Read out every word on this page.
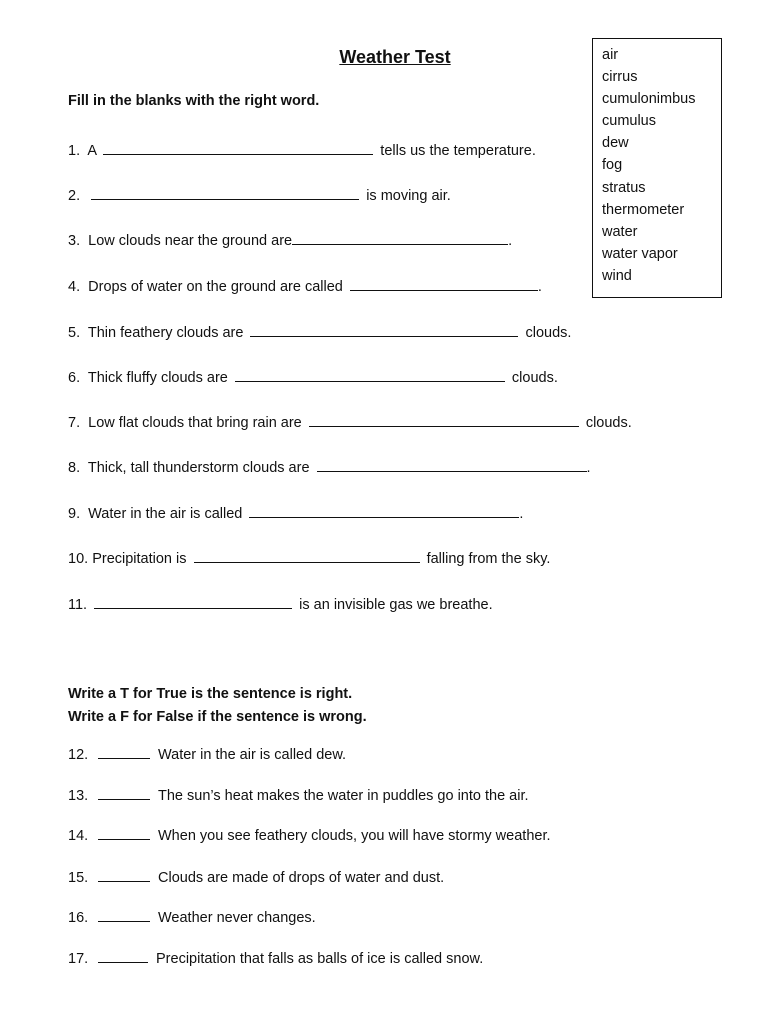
Weather Test
Fill in the blanks with the right word.
air
cirrus
cumulonimbus
cumulus
dew
fog
stratus
thermometer
water
water vapor
wind
1. A	tells us the temperature.
2.	is moving air.
3. Low clouds near the ground are	.
4. Drops of water on the ground are called	.
5. Thin feathery clouds are	clouds.
6. Thick fluffy clouds are	clouds.
7. Low flat clouds that bring rain are	clouds.
8. Thick, tall thunderstorm clouds are	.
9. Water in the air is called	.
10. Precipitation is	falling from the sky.
11.	is an invisible gas we breathe.
Write a T for True is the sentence is right.
Write a F for False if the sentence is wrong.
12.	Water in the air is called dew.
13.	The sun’s heat makes the water in puddles go into the air.
14.	When you see feathery clouds, you will have stormy weather.
15.	Clouds are made of drops of water and dust.
16.	Weather never changes.
17.	Precipitation that falls as balls of ice is called snow.
